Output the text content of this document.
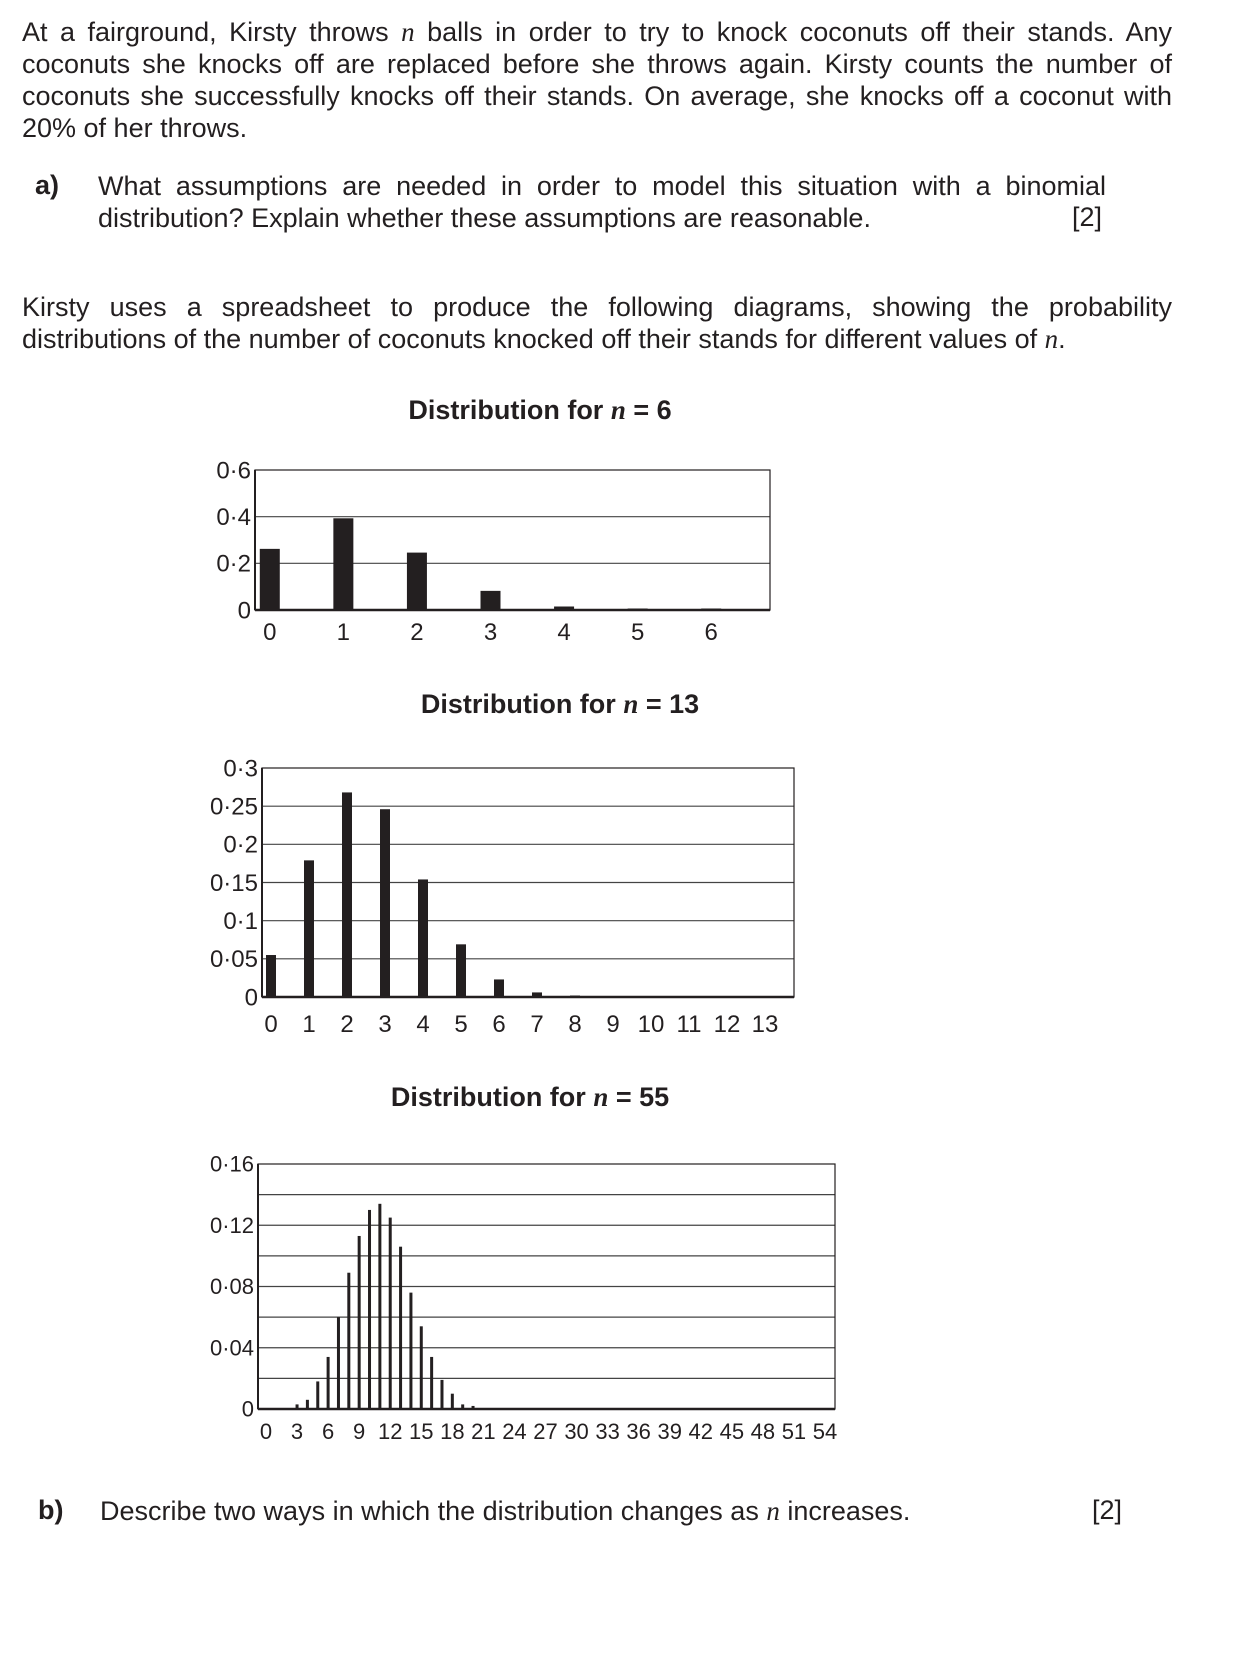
At a fairground, Kirsty throws n balls in order to try to knock coconuts off their stands. Any coconuts she knocks off are replaced before she throws again. Kirsty counts the number of coconuts she successfully knocks off their stands. On average, she knocks off a coconut with 20% of her throws.
a) What assumptions are needed in order to model this situation with a binomial distribution? Explain whether these assumptions are reasonable.	[2]
Kirsty uses a spreadsheet to produce the following diagrams, showing the probability distributions of the number of coconuts knocked off their stands for different values of n.
Distribution for n = 6
Distribution for n = 13
Distribution for n = 55
0
0·2
0·4
0·6
0	1	2	3	4	5	6
0
0·05
0·1
0·15
0·2
0·25
0·3
0 1 2 3 4 5 6 7 8 9 10 11 12 13
0
0·04
0·08
0·12
0·16
0 3 6 9 12 15 18 21 24 27 30 33 36 39 42 45 48 51 54
b) Describe two ways in which the distribution changes as n increases.	[2]
